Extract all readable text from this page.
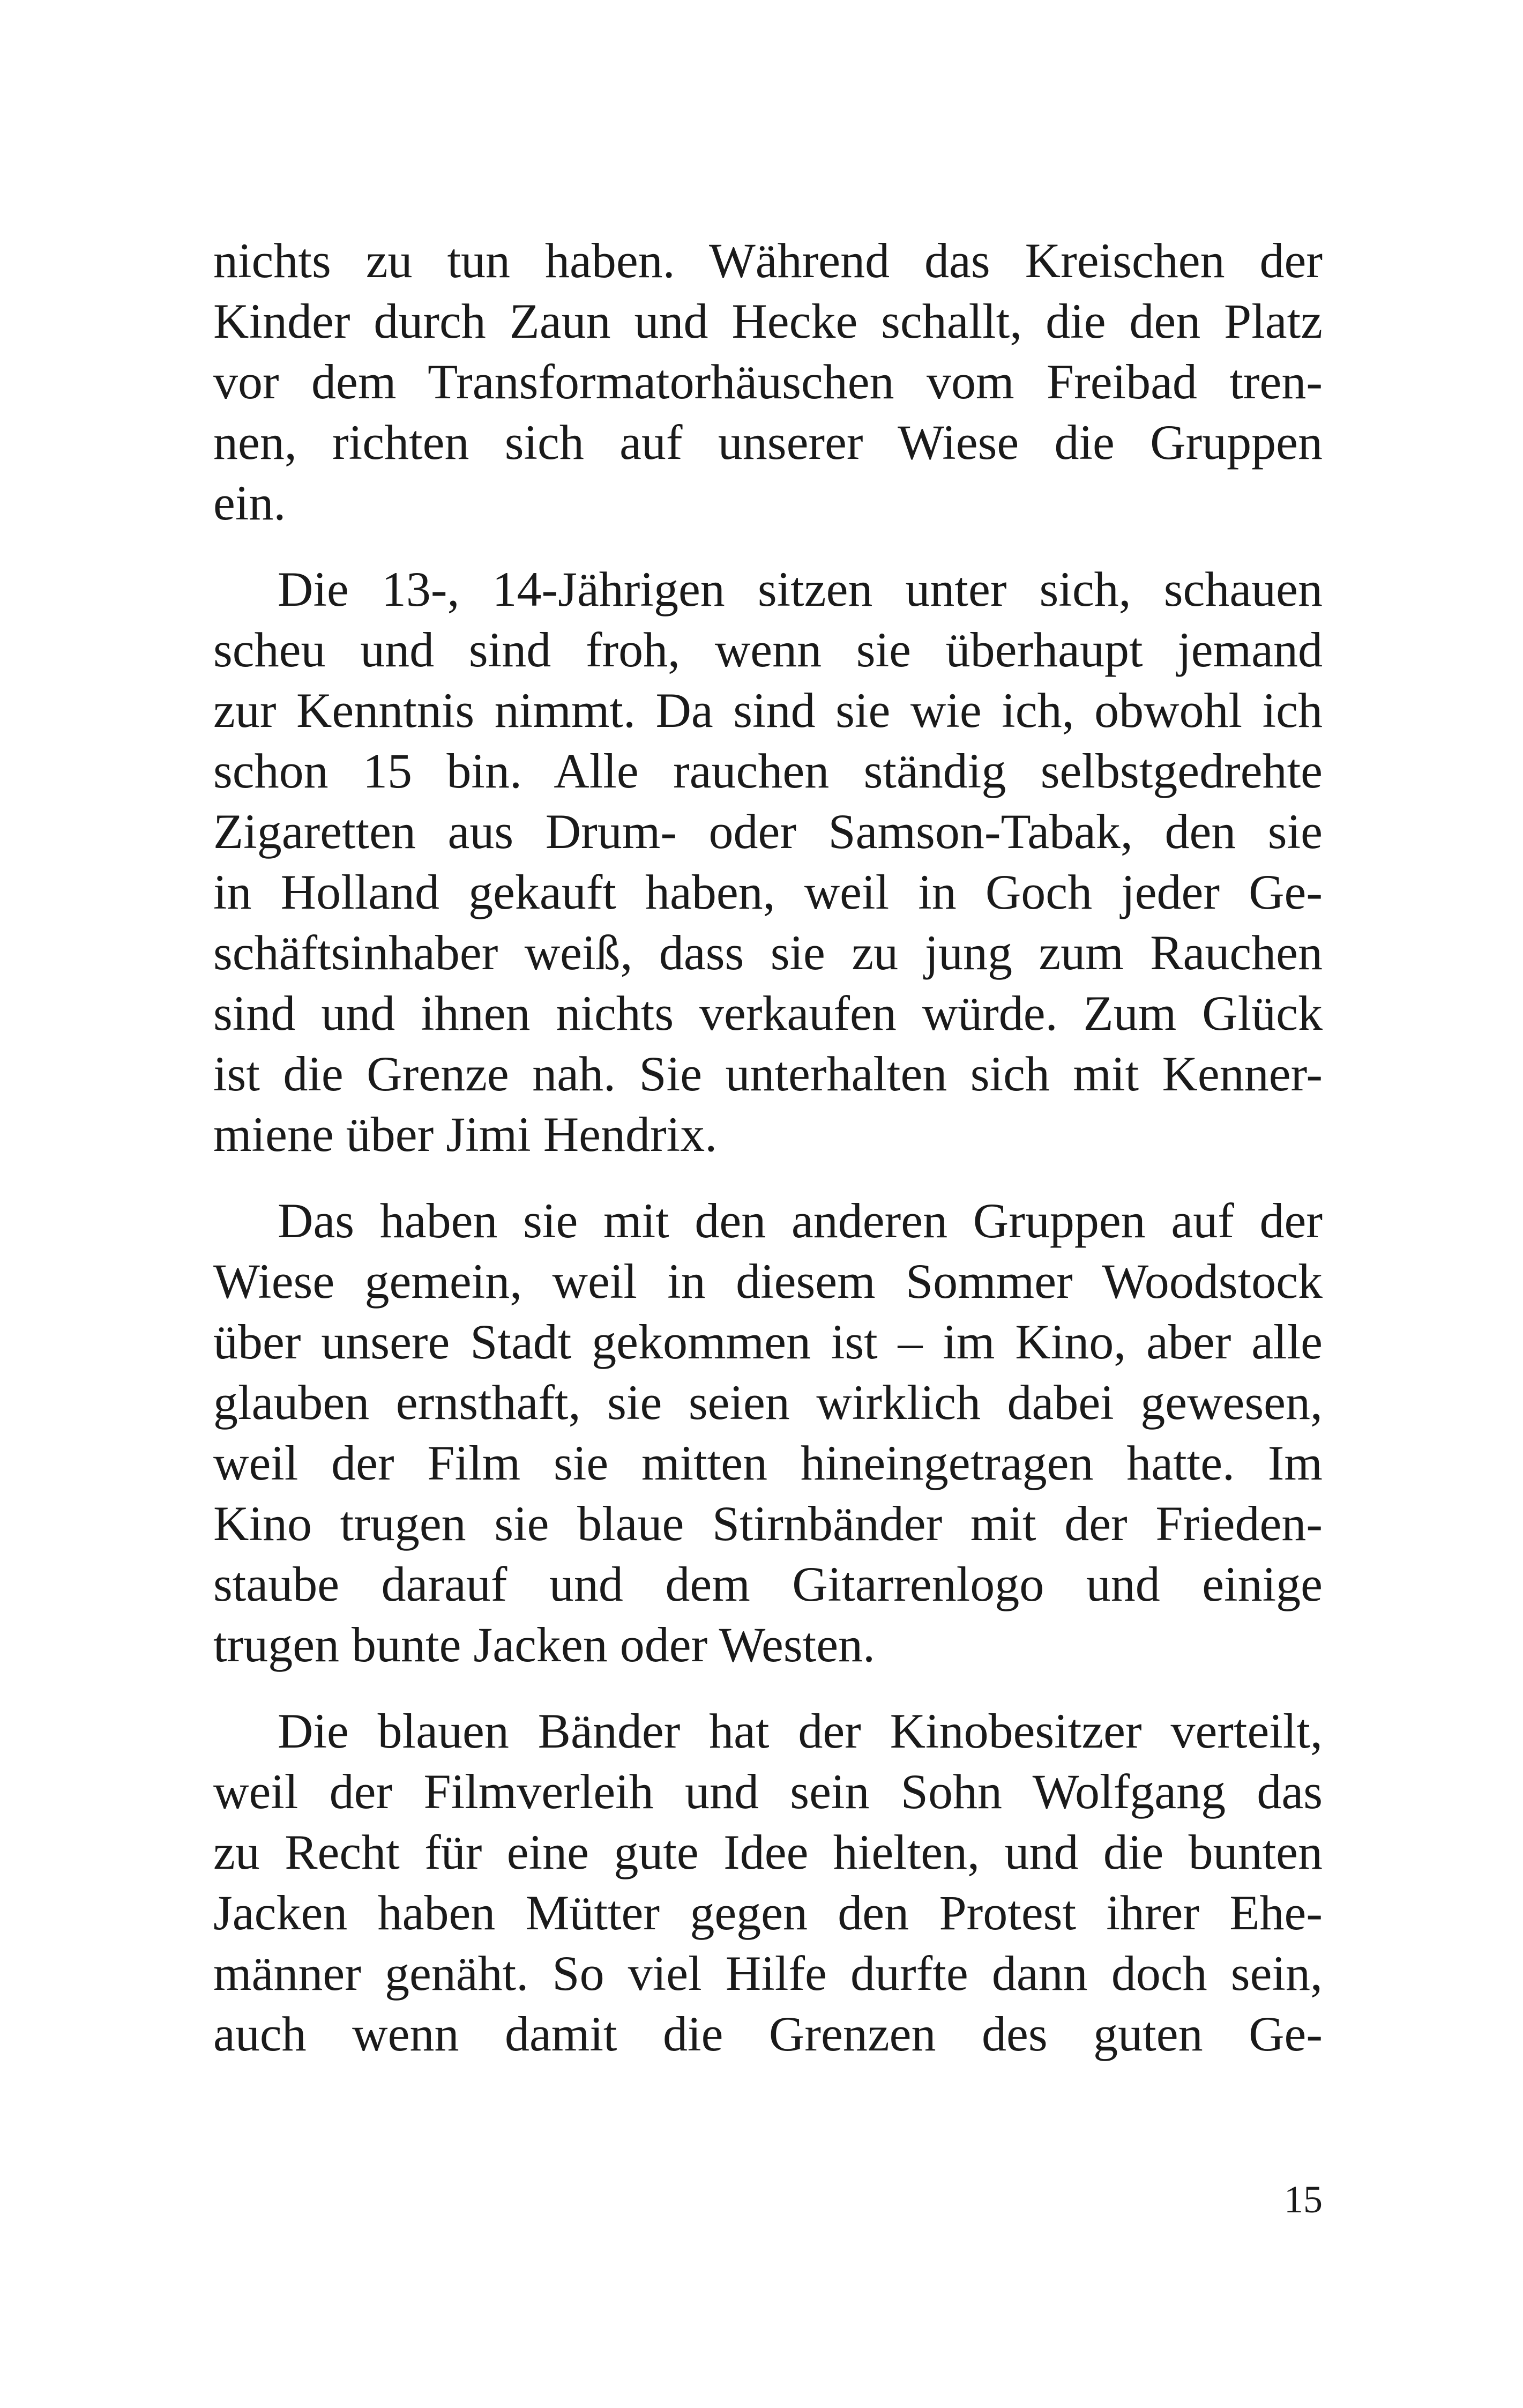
nichts zu tun haben. Während das Kreischen der
Kinder durch Zaun und Hecke schallt, die den Platz
vor dem Transformatorhäuschen vom Freibad tren-
nen, richten sich auf unserer Wiese die Gruppen
ein.
Die 13-, 14-Jährigen sitzen unter sich, schauen
scheu und sind froh, wenn sie überhaupt jemand
zur Kenntnis nimmt. Da sind sie wie ich, obwohl ich
schon 15 bin. Alle rauchen ständig selbstgedrehte
Zigaretten aus Drum- oder Samson-Tabak, den sie
in Holland gekauft haben, weil in Goch jeder Ge-
schäftsinhaber weiß, dass sie zu jung zum Rauchen
sind und ihnen nichts verkaufen würde. Zum Glück
ist die Grenze nah. Sie unterhalten sich mit Kenner-
miene über Jimi Hendrix.
Das haben sie mit den anderen Gruppen auf der
Wiese gemein, weil in diesem Sommer Woodstock
über unsere Stadt gekommen ist – im Kino, aber alle
glauben ernsthaft, sie seien wirklich dabei gewesen,
weil der Film sie mitten hineingetragen hatte. Im
Kino trugen sie blaue Stirnbänder mit der Frieden-
staube darauf und dem Gitarrenlogo und einige
trugen bunte Jacken oder Westen.
Die blauen Bänder hat der Kinobesitzer verteilt,
weil der Filmverleih und sein Sohn Wolfgang das
zu Recht für eine gute Idee hielten, und die bunten
Jacken haben Mütter gegen den Protest ihrer Ehe-
männer genäht. So viel Hilfe durfte dann doch sein,
auch wenn damit die Grenzen des guten Ge-
15
